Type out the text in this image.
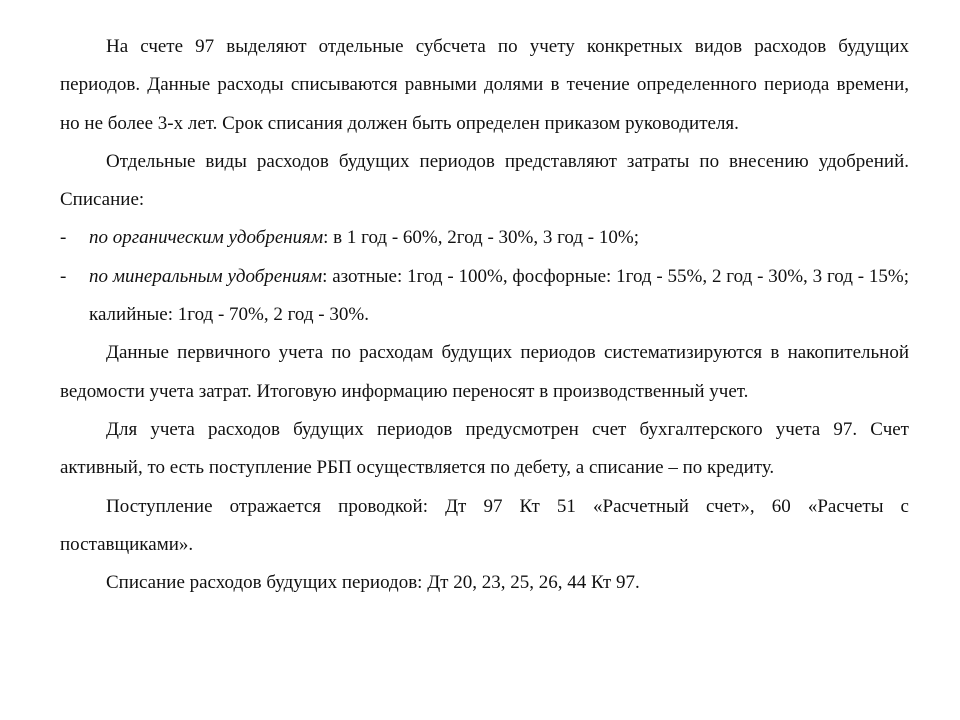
На счете 97 выделяют отдельные субсчета по учету конкретных видов расходов будущих периодов. Данные расходы списываются равными долями в течение определенного периода времени, но не более 3-х лет. Срок списания должен быть определен приказом руководителя.

Отдельные виды расходов будущих периодов представляют затраты по внесению удобрений. Списание:

- по органическим удобрениям: в 1 год - 60%, 2год - 30%, 3 год - 10%;

- по минеральным удобрениям: азотные: 1год - 100%, фосфорные: 1год - 55%, 2 год - 30%, 3 год - 15%; калийные: 1год - 70%, 2 год - 30%.

Данные первичного учета по расходам будущих периодов систематизируются в накопительной ведомости учета затрат. Итоговую информацию переносят в производственный учет.

Для учета расходов будущих периодов предусмотрен счет бухгалтерского учета 97. Счет активный, то есть поступление РБП осуществляется по дебету, а списание – по кредиту.

Поступление отражается проводкой: Дт 97 Кт 51 «Расчетный счет», 60 «Расчеты с поставщиками».

Списание расходов будущих периодов: Дт 20, 23, 25, 26, 44 Кт 97.
